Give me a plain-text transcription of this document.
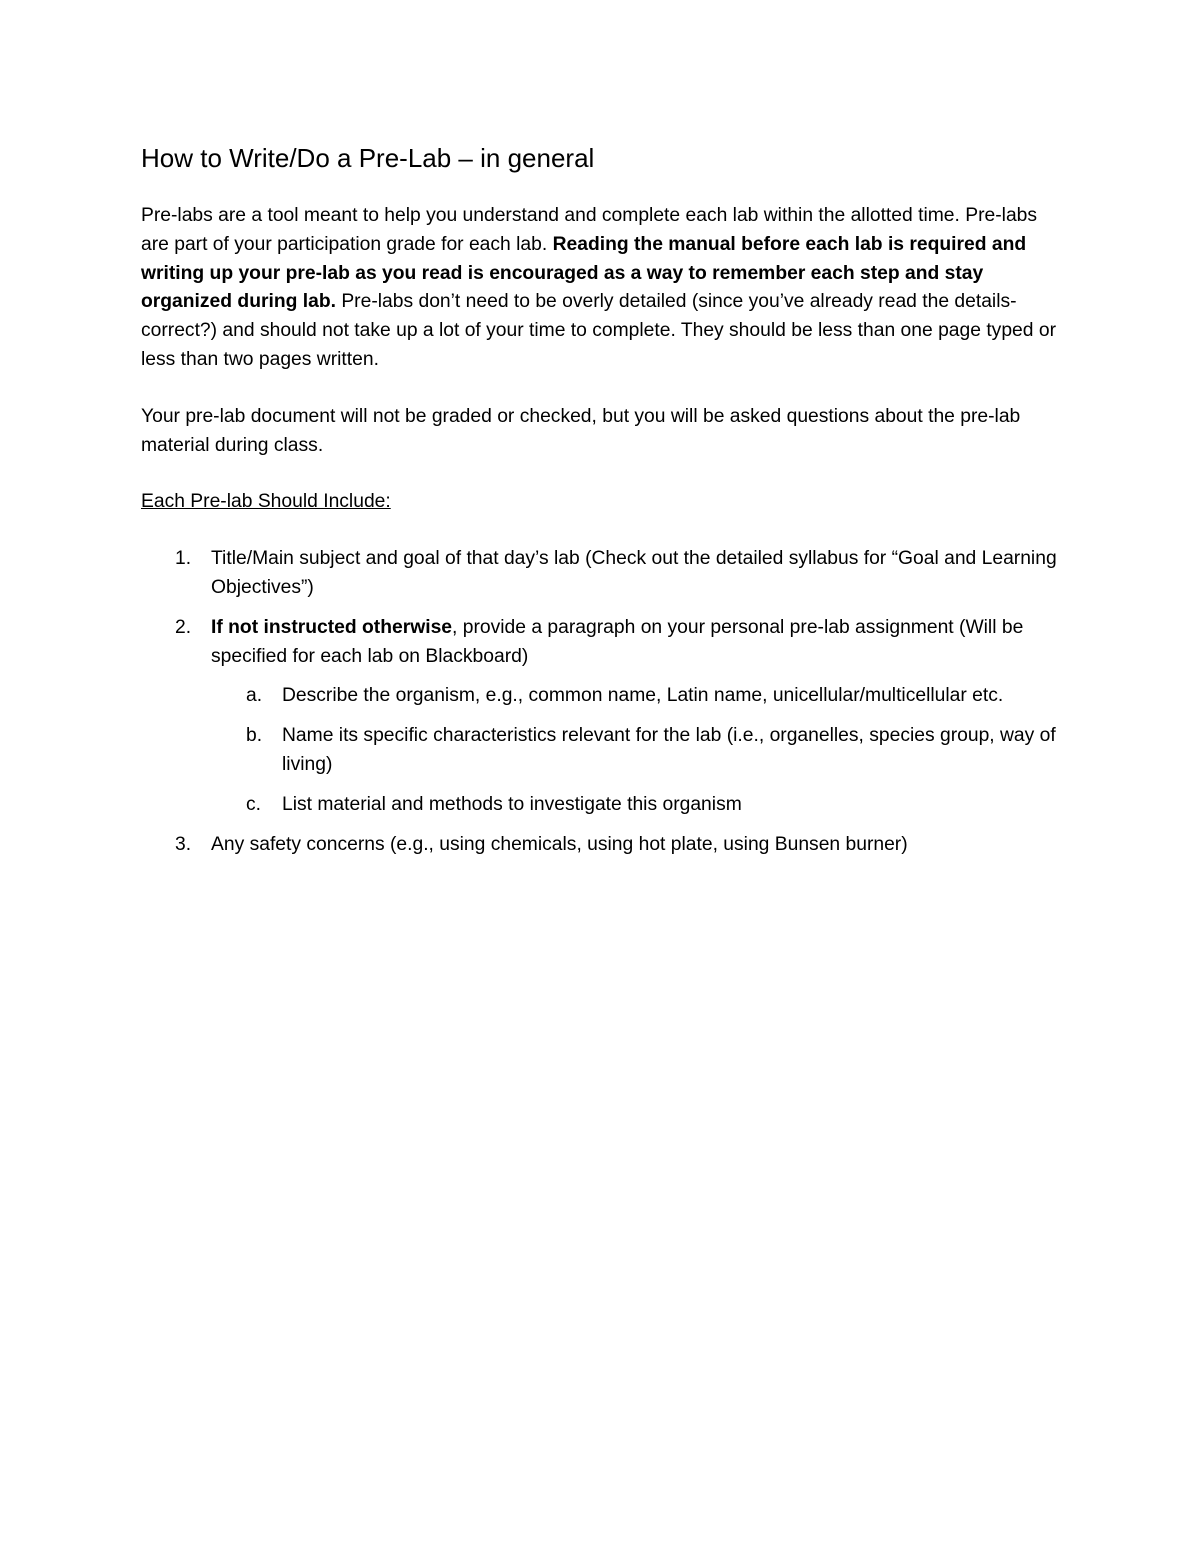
How to Write/Do a Pre-Lab – in general

Pre-labs are a tool meant to help you understand and complete each lab within the allotted time. Pre-labs are part of your participation grade for each lab. Reading the manual before each lab is required and writing up your pre-lab as you read is encouraged as a way to remember each step and stay organized during lab. Pre-labs don’t need to be overly detailed (since you’ve already read the details- correct?) and should not take up a lot of your time to complete. They should be less than one page typed or less than two pages written.

Your pre-lab document will not be graded or checked, but you will be asked questions about the pre-lab material during class.

Each Pre-lab Should Include:

1. Title/Main subject and goal of that day’s lab (Check out the detailed syllabus for “Goal and Learning Objectives”)
2. If not instructed otherwise, provide a paragraph on your personal pre-lab assignment (Will be specified for each lab on Blackboard)
a. Describe the organism, e.g., common name, Latin name, unicellular/multicellular etc.
b. Name its specific characteristics relevant for the lab (i.e., organelles, species group, way of living)
c. List material and methods to investigate this organism
3. Any safety concerns (e.g., using chemicals, using hot plate, using Bunsen burner)
